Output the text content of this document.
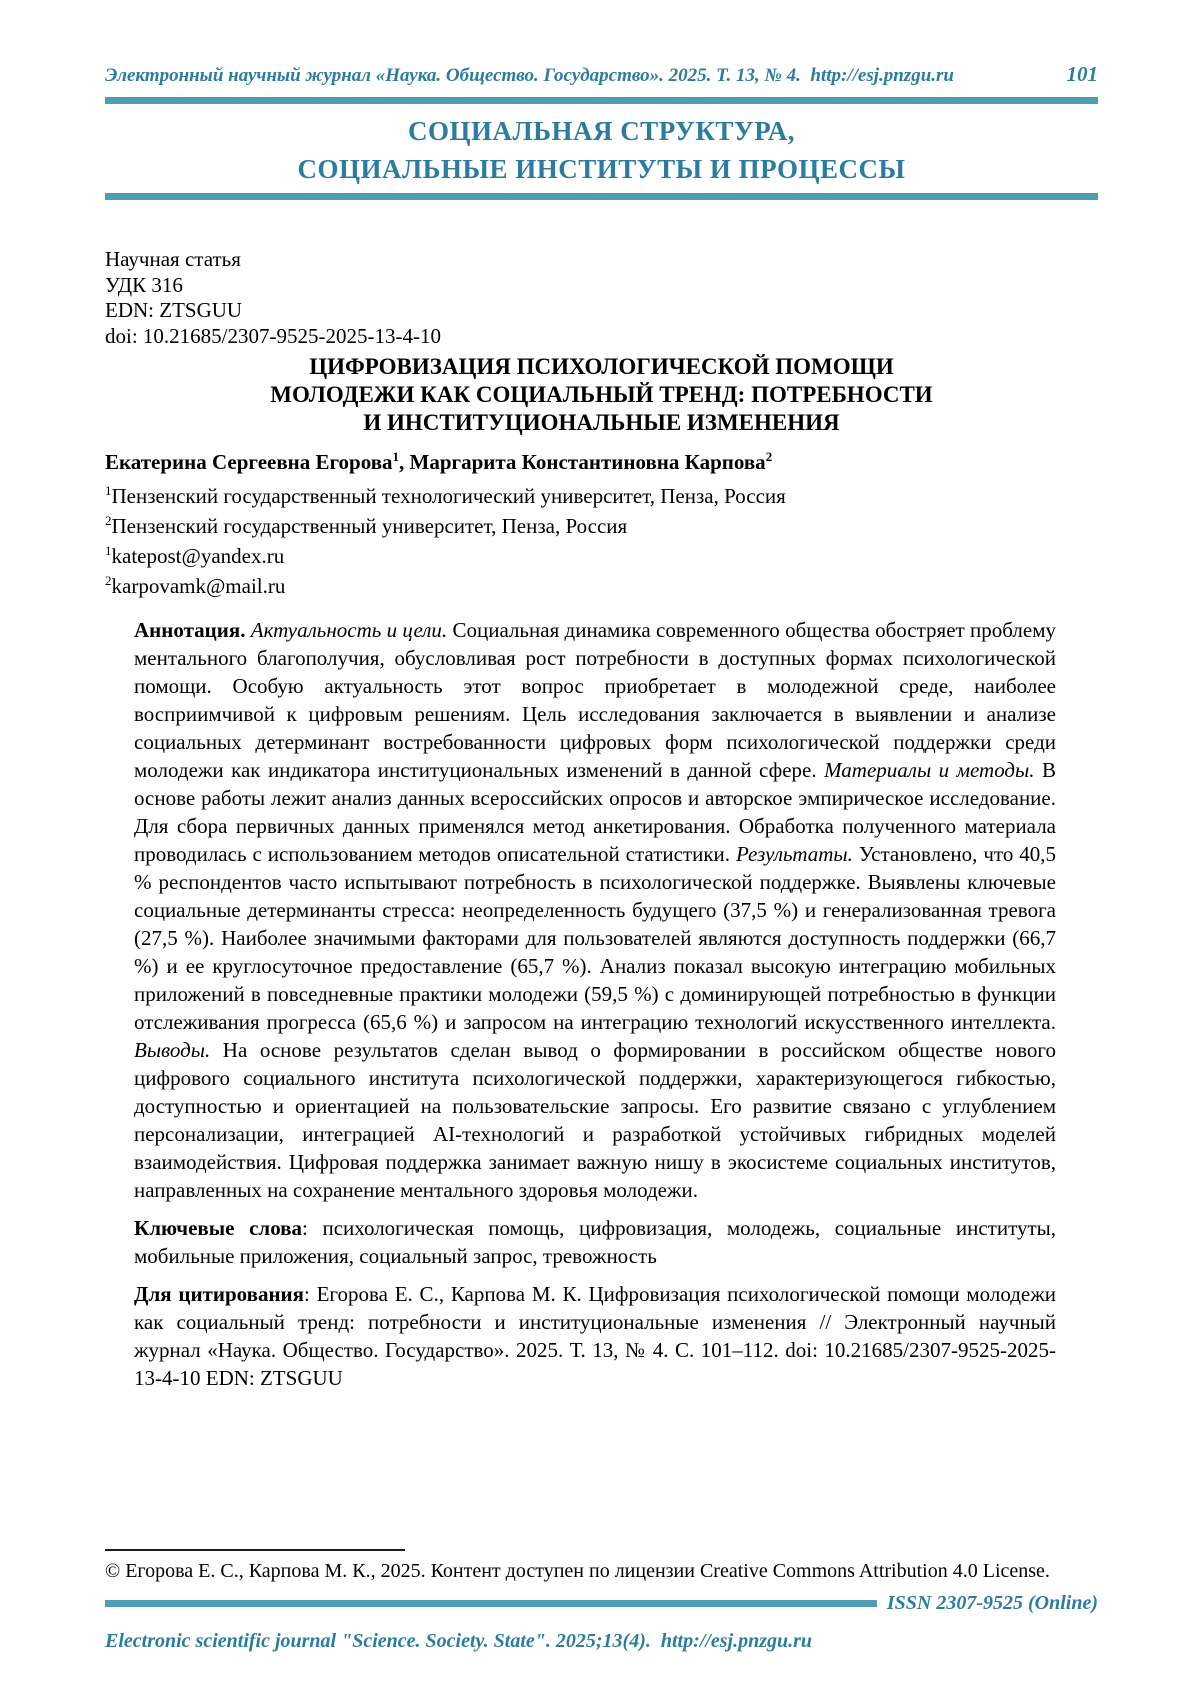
Электронный научный журнал «Наука. Общество. Государство». 2025. Т. 13, № 4.  http://esj.pnzgu.ru	101
СОЦИАЛЬНАЯ СТРУКТУРА,
СОЦИАЛЬНЫЕ ИНСТИТУТЫ И ПРОЦЕССЫ
Научная статья
УДК 316
EDN: ZTSGUU
doi: 10.21685/2307-9525-2025-13-4-10
ЦИФРОВИЗАЦИЯ ПСИХОЛОГИЧЕСКОЙ ПОМОЩИ
МОЛОДЕЖИ КАК СОЦИАЛЬНЫЙ ТРЕНД: ПОТРЕБНОСТИ
И ИНСТИТУЦИОНАЛЬНЫЕ ИЗМЕНЕНИЯ
Екатерина Сергеевна Егорова$^1$, Маргарита Константиновна Карпова$^2$
$^1$Пензенский государственный технологический университет, Пенза, Россия
$^2$Пензенский государственный университет, Пенза, Россия
$^1$katepost@yandex.ru
$^2$karpovamk@mail.ru

Аннотация. Актуальность и цели. Социальная динамика современного общества обостряет проблему ментального благополучия, обусловливая рост потребности в доступных формах психологической помощи. Особую актуальность этот вопрос приобретает в молодежной среде, наиболее восприимчивой к цифровым решениям. Цель исследования заключается в выявлении и анализе социальных детерминант востребованности цифровых форм психологической поддержки среди молодежи как индикатора институциональных изменений в данной сфере. Материалы и методы. В основе работы лежит анализ данных всероссийских опросов и авторское эмпирическое исследование. Для сбора первичных данных применялся метод анкетирования. Обработка полученного материала проводилась с использованием методов описательной статистики. Результаты. Установлено, что 40,5 % респондентов часто испытывают потребность в психологической поддержке. Выявлены ключевые социальные детерминанты стресса: неопределенность будущего (37,5 %) и генерализованная тревога (27,5 %). Наиболее значимыми факторами для пользователей являются доступность поддержки (66,7 %) и ее круглосуточное предоставление (65,7 %). Анализ показал высокую интеграцию мобильных приложений в повседневные практики молодежи (59,5 %) с доминирующей потребностью в функции отслеживания прогресса (65,6 %) и запросом на интеграцию технологий искусственного интеллекта. Выводы. На основе результатов сделан вывод о формировании в российском обществе нового цифрового социального института психологической поддержки, характеризующегося гибкостью, доступностью и ориентацией на пользовательские запросы. Его развитие связано с углублением персонализации, интеграцией AI-технологий и разработкой устойчивых гибридных моделей взаимодействия. Цифровая поддержка занимает важную нишу в экосистеме социальных институтов, направленных на сохранение ментального здоровья молодежи.

Ключевые слова: психологическая помощь, цифровизация, молодежь, социальные институты, мобильные приложения, социальный запрос, тревожность

Для цитирования: Егорова Е. С., Карпова М. К. Цифровизация психологической помощи молодежи как социальный тренд: потребности и институциональные изменения // Электронный научный журнал «Наука. Общество. Государство». 2025. Т. 13, № 4. С. 101–112. doi: 10.21685/2307-9525-2025-13-4-10 EDN: ZTSGUU

© Егорова Е. С., Карпова М. К., 2025. Контент доступен по лицензии Creative Commons Attribution 4.0 License.
ISSN 2307-9525 (Online)
Electronic scientific journal "Science. Society. State". 2025;13(4).  http://esj.pnzgu.ru
